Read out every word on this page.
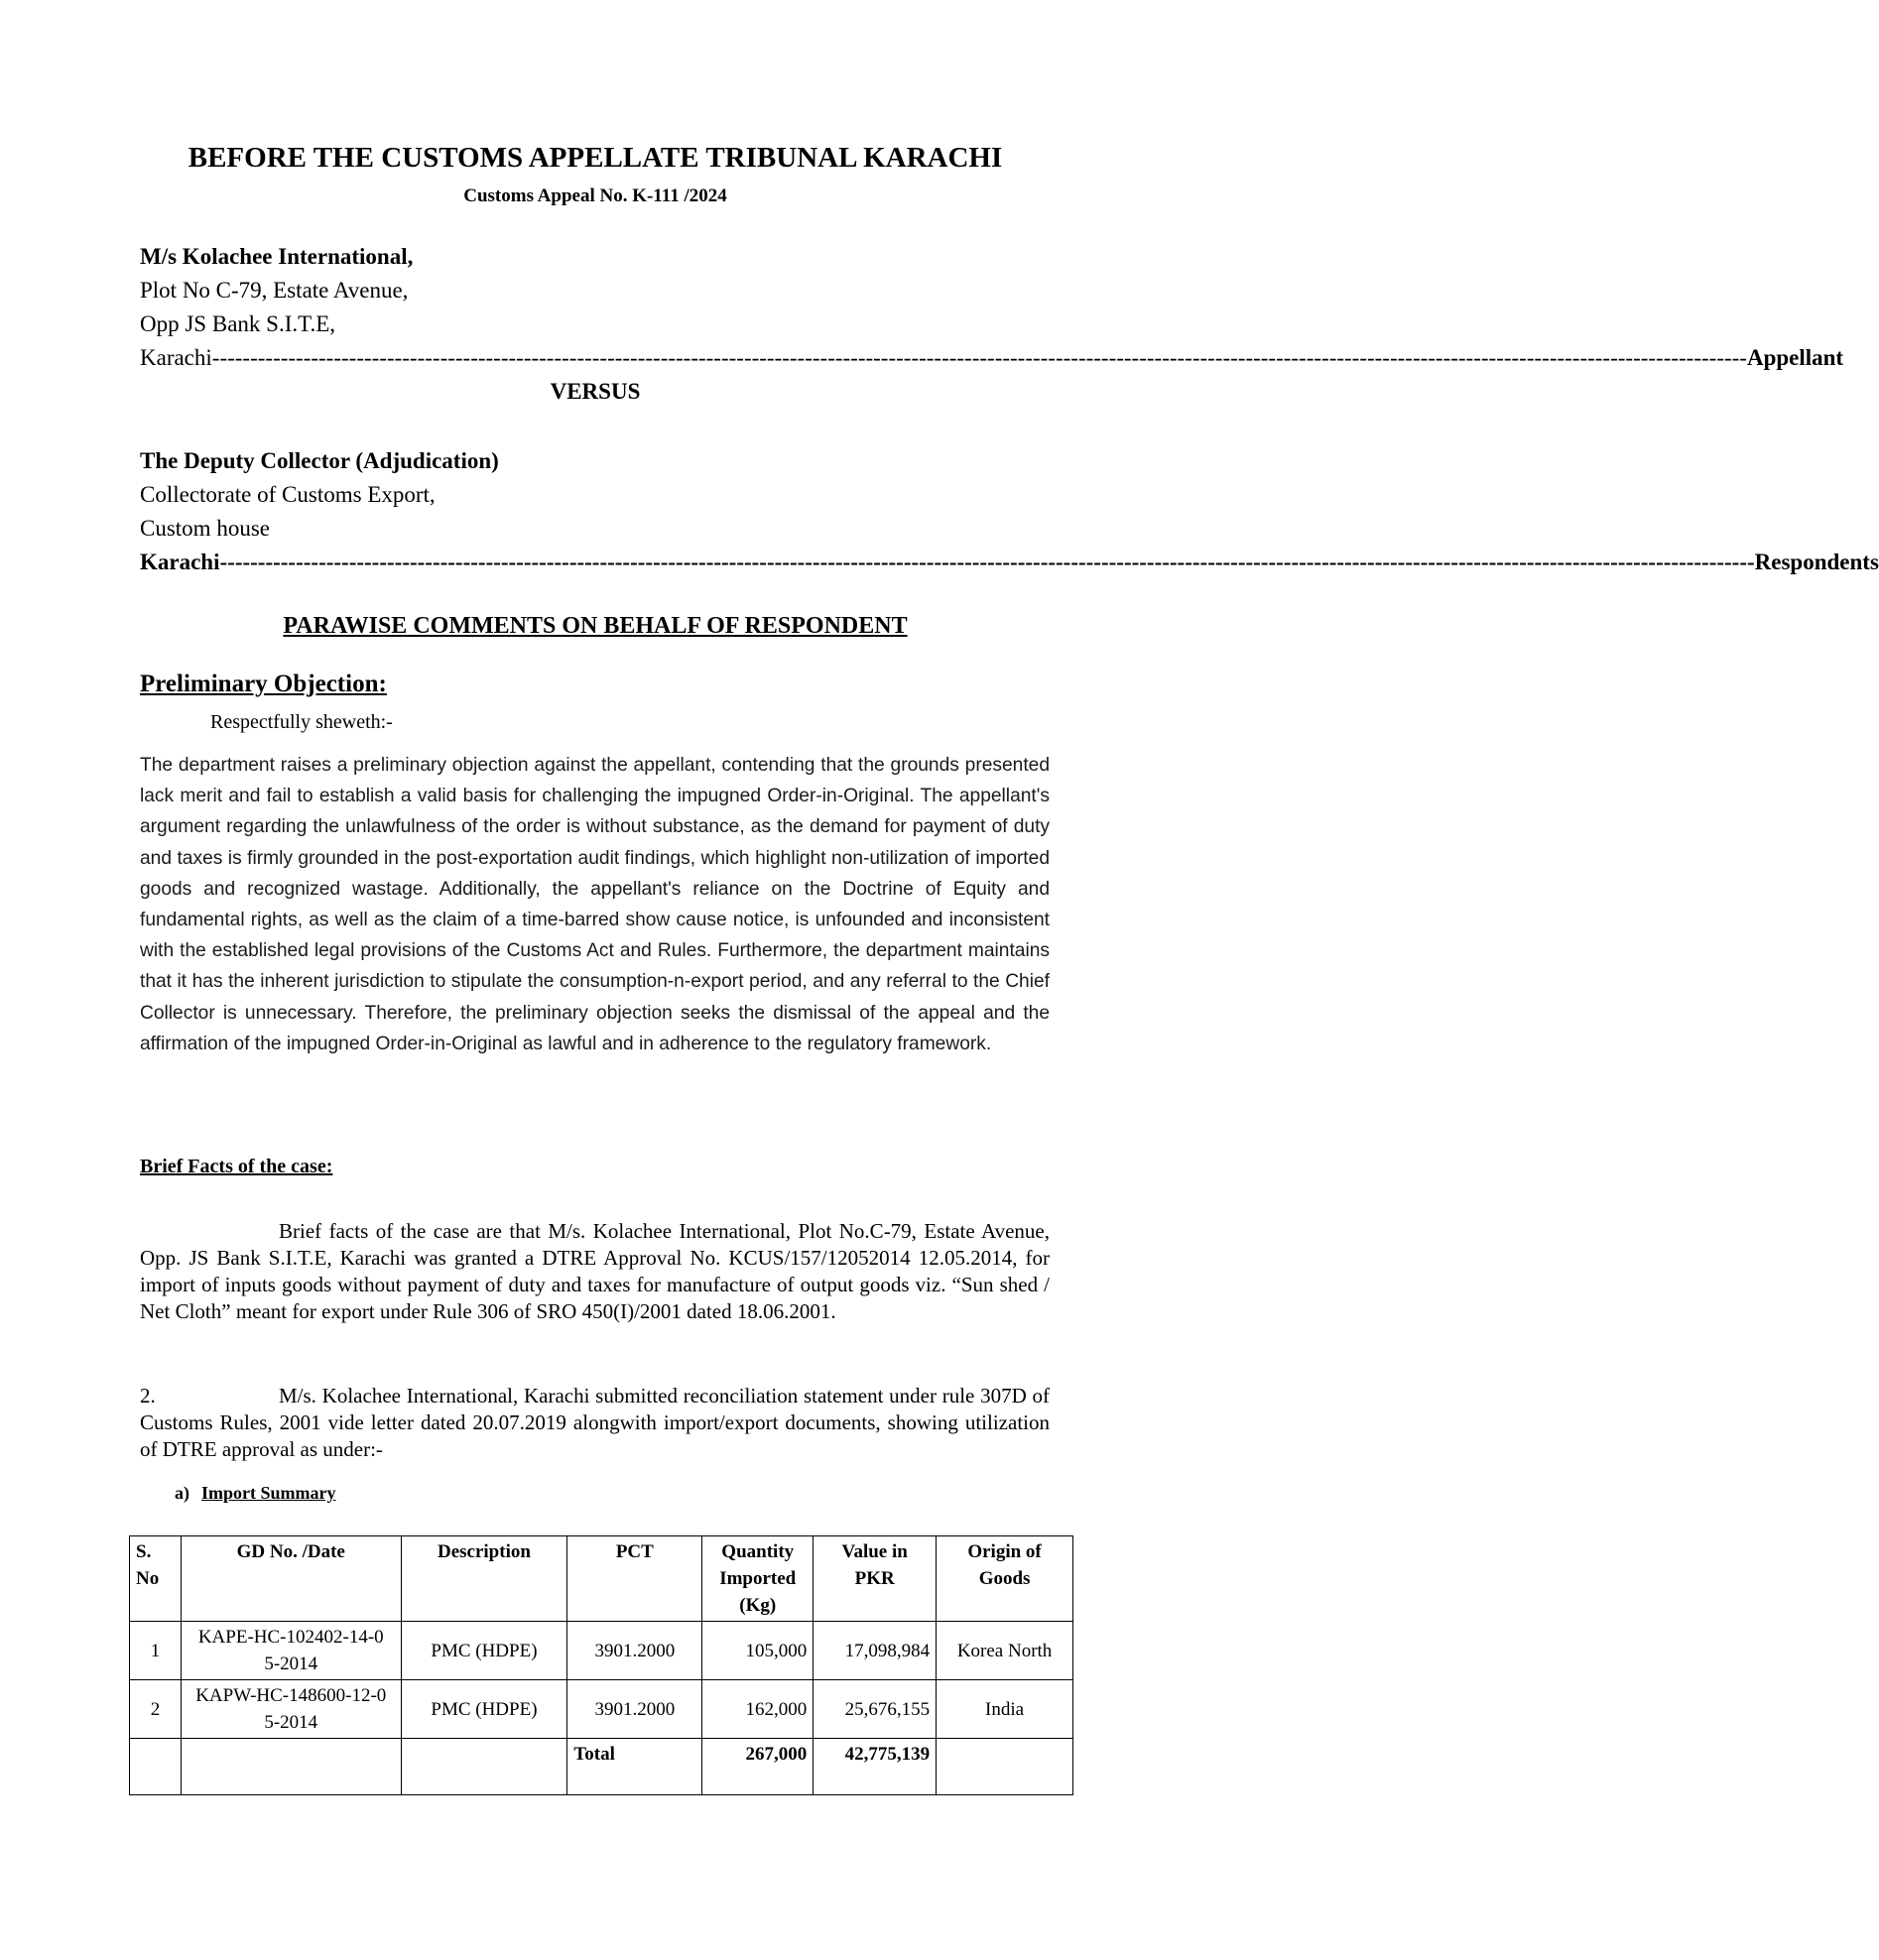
BEFORE THE CUSTOMS APPELLATE TRIBUNAL KARACHI
Customs Appeal No. K-111 /2024
M/s Kolachee International,
Plot No C-79, Estate Avenue,
Opp JS Bank S.I.T.E,
Karachi ---------------------------------------------------------------------------------------------------------------------------------------------------------------------------------------------------------- Appellant
VERSUS
The Deputy Collector (Adjudication)
Collectorate of Customs Export,
Custom house
Karachi ---------------------------------------------------------------------------------------------------------------------------------------------------------------------------------------------------------- Respondents
PARAWISE COMMENTS ON BEHALF OF RESPONDENT
Preliminary Objection:
Respectfully sheweth:-

The department raises a preliminary objection against the appellant, contending that the grounds presented lack merit and fail to establish a valid basis for challenging the impugned Order-in-Original. The appellant's argument regarding the unlawfulness of the order is without substance, as the demand for payment of duty and taxes is firmly grounded in the post-exportation audit findings, which highlight non-utilization of imported goods and recognized wastage. Additionally, the appellant's reliance on the Doctrine of Equity and fundamental rights, as well as the claim of a time-barred show cause notice, is unfounded and inconsistent with the established legal provisions of the Customs Act and Rules. Furthermore, the department maintains that it has the inherent jurisdiction to stipulate the consumption-n-export period, and any referral to the Chief Collector is unnecessary. Therefore, the preliminary objection seeks the dismissal of the appeal and the affirmation of the impugned Order-in-Original as lawful and in adherence to the regulatory framework.

Brief Facts of the case:

Brief facts of the case are that M/s. Kolachee International, Plot No.C-79, Estate Avenue, Opp. JS Bank S.I.T.E, Karachi was granted a DTRE Approval No. KCUS/157/12052014 12.05.2014, for import of inputs goods without payment of duty and taxes for manufacture of output goods viz. “Sun shed / Net Cloth” meant for export under Rule 306 of SRO 450(I)/2001 dated 18.06.2001.

2.	M/s. Kolachee International, Karachi submitted reconciliation statement under rule 307D of Customs Rules, 2001 vide letter dated 20.07.2019 alongwith import/export documents, showing utilization of DTRE approval as under:-

a) Import Summary
S. No	GD No. /Date	Description	PCT	Quantity Imported (Kg)	Value in PKR	Origin of Goods
1	KAPE-HC-102402-14-05-2014	PMC (HDPE)	3901.2000	105,000	17,098,984	Korea North
2	KAPW-HC-148600-12-05-2014	PMC (HDPE)	3901.2000	162,000	25,676,155	India
			Total	267,000	42,775,139	
